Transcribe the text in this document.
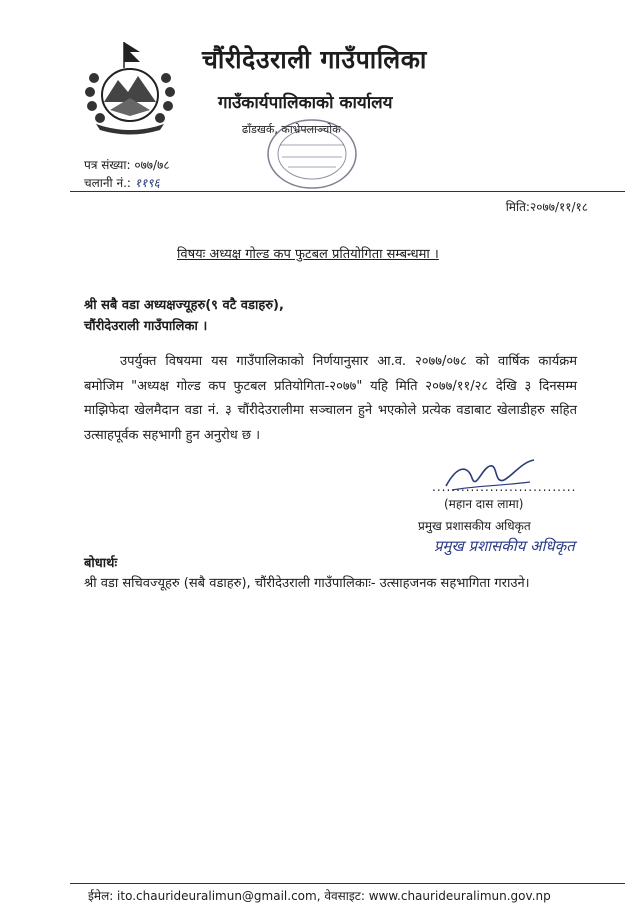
चौंरीदेउराली गाउँपालिका
गाउँकार्यपालिकाको कार्यालय
ढाँडखर्क, काभ्रेपलाञ्चोक
पत्र संख्या: ०७७/७८
चलानी नं.: ११९६
मिति:२०७७/११/१८
विषयः अध्यक्ष गोल्ड कप फुटबल प्रतियोगिता सम्बन्धमा ।
श्री सबै वडा अध्यक्षज्यूहरु(९ वटै वडाहरु),
चौंरीदेउराली गाउँपालिका ।
उपर्युक्त विषयमा यस गाउँपालिकाको निर्णयानुसार आ.व. २०७७/०७८ को वार्षिक कार्यक्रम बमोजिम "अध्यक्ष गोल्ड कप फुटबल प्रतियोगिता-२०७७" यहि मिति २०७७/११/२८ देखि ३ दिनसम्म माझिफेदा खेलमैदान वडा नं. ३ चौंरीदेउरालीमा सञ्चालन हुने भएकोले प्रत्येक वडाबाट खेलाडीहरु सहित उत्साहपूर्वक सहभागी हुन अनुरोध छ ।
..............................
(महान दास लामा)
प्रमुख प्रशासकीय अधिकृत
प्रमुख प्रशासकीय अधिकृत
बोधार्थः
श्री वडा सचिवज्यूहरु (सबै वडाहरु), चौंरीदेउराली गाउँपालिकाः- उत्साहजनक सहभागिता गराउने।
ईमेल: ito.chaurideuralimun@gmail.com, वेवसाइट: www.chaurideuralimun.gov.np
